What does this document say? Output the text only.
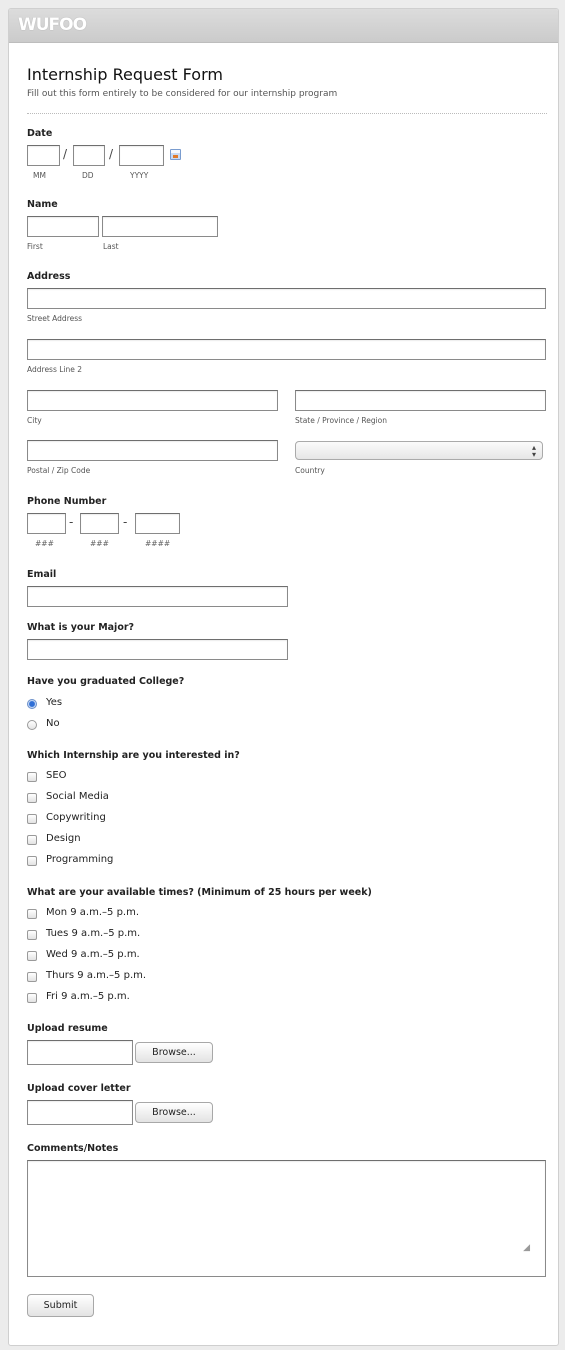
WUFOO
Internship Request Form

Fill out this form entirely to be considered for our internship program

Date
/	/
MM	DD	YYYY
Name
First	Last
Address
Street Address
Address Line 2
City	State / Province / Region
▴
▾
Postal / Zip Code	Country
Phone Number
-	-
###	###	####
Email
What is your Major?
Have you graduated College?
Yes
No
Which Internship are you interested in?
SEO
Social Media
Copywriting
Design
Programming
What are your available times? (Minimum of 25 hours per week)
Mon 9 a.m.–5 p.m.
Tues 9 a.m.–5 p.m.
Wed 9 a.m.–5 p.m.
Thurs 9 a.m.–5 p.m.
Fri 9 a.m.–5 p.m.
Upload resume
Browse...
Upload cover letter
Browse...
Comments/Notes
Submit
